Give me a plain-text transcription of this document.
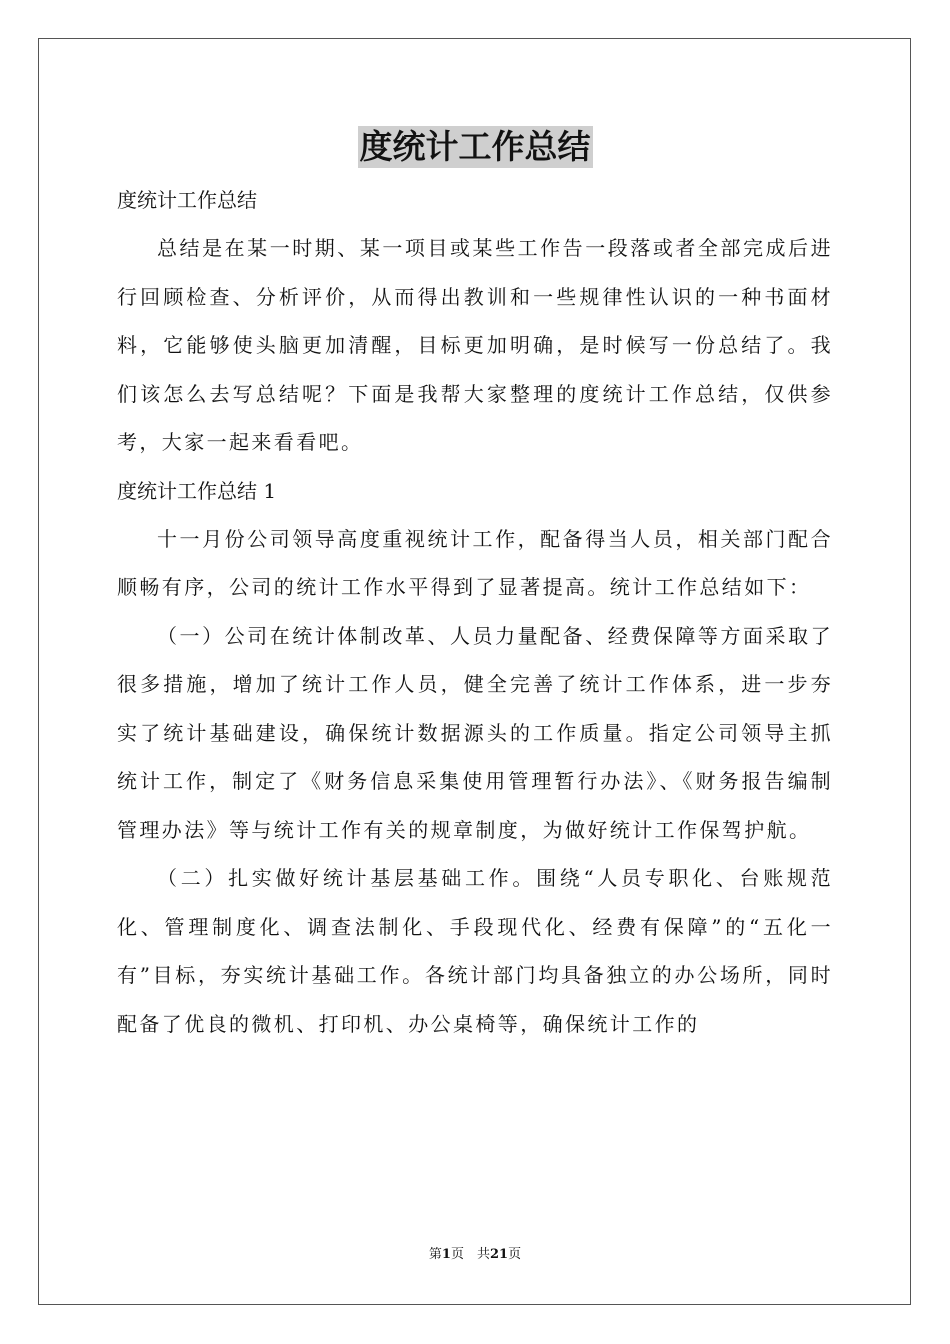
度统计工作总结
度统计工作总结

总结是在某一时期、某一项目或某些工作告一段落或者全部完成后进行回顾检查、分析评价，从而得出教训和一些规律性认识的一种书面材料，它能够使头脑更加清醒，目标更加明确，是时候写一份总结了。我们该怎么去写总结呢？下面是我帮大家整理的度统计工作总结，仅供参考，大家一起来看看吧。

度统计工作总结 1

十一月份公司领导高度重视统计工作，配备得当人员，相关部门配合顺畅有序，公司的统计工作水平得到了显著提高。统计工作总结如下：

（一）公司在统计体制改革、人员力量配备、经费保障等方面采取了很多措施，增加了统计工作人员，健全完善了统计工作体系，进一步夯实了统计基础建设，确保统计数据源头的工作质量。指定公司领导主抓统计工作，制定了《财务信息采集使用管理暂行办法》、《财务报告编制管理办法》等与统计工作有关的规章制度，为做好统计工作保驾护航。

（二）扎实做好统计基层基础工作。围绕“人员专职化、台账规范化、管理制度化、调查法制化、手段现代化、经费有保障”的“五化一有”目标，夯实统计基础工作。各统计部门均具备独立的办公场所，同时配备了优良的微机、打印机、办公桌椅等，确保统计工作的

第1页　共21页
